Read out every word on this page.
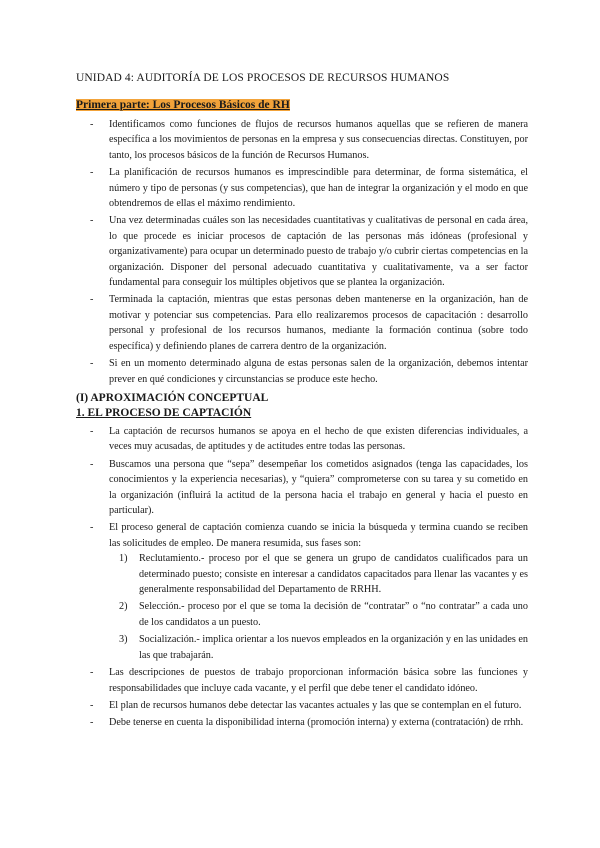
UNIDAD 4: AUDITORÍA DE LOS PROCESOS DE RECURSOS HUMANOS
Primera parte: Los Procesos Básicos de RH
- Identificamos como funciones de flujos de recursos humanos aquellas que se refieren de manera específica a los movimientos de personas en la empresa y sus consecuencias directas. Constituyen, por tanto, los procesos básicos de la función de Recursos Humanos.
- La planificación de recursos humanos es imprescindible para determinar, de forma sistemática, el número y tipo de personas (y sus competencias), que han de integrar la organización y el modo en que obtendremos de ellas el máximo rendimiento.
- Una vez determinadas cuáles son las necesidades cuantitativas y cualitativas de personal en cada área, lo que procede es iniciar procesos de captación de las personas más idóneas (profesional y organizativamente) para ocupar un determinado puesto de trabajo y/o cubrir ciertas competencias en la organización. Disponer del personal adecuado cuantitativa y cualitativamente, va a ser factor fundamental para conseguir los múltiples objetivos que se plantea la organización.
- Terminada la captación, mientras que estas personas deben mantenerse en la organización, han de motivar y potenciar sus competencias. Para ello realizaremos procesos de capacitación : desarrollo personal y profesional de los recursos humanos, mediante la formación continua (sobre todo específica) y definiendo planes de carrera dentro de la organización.
- Si en un momento determinado alguna de estas personas salen de la organización, debemos intentar prever en qué condiciones y circunstancias se produce este hecho.
(I) APROXIMACIÓN CONCEPTUAL
1. EL PROCESO DE CAPTACIÓN
- La captación de recursos humanos se apoya en el hecho de que existen diferencias individuales, a veces muy acusadas, de aptitudes y de actitudes entre todas las personas.
- Buscamos una persona que “sepa” desempeñar los cometidos asignados (tenga las capacidades, los conocimientos y la experiencia necesarias), y “quiera” comprometerse con su tarea y su cometido en la organización (influirá la actitud de la persona hacia el trabajo en general y hacia el puesto en particular).
- El proceso general de captación comienza cuando se inicia la búsqueda y termina cuando se reciben las solicitudes de empleo. De manera resumida, sus fases son:
1) Reclutamiento.- proceso por el que se genera un grupo de candidatos cualificados para un determinado puesto; consiste en interesar a candidatos capacitados para llenar las vacantes y es generalmente responsabilidad del Departamento de RRHH.
2) Selección.- proceso por el que se toma la decisión de “contratar” o “no contratar” a cada uno de los candidatos a un puesto.
3) Socialización.- implica orientar a los nuevos empleados en la organización y en las unidades en las que trabajarán.
- Las descripciones de puestos de trabajo proporcionan información básica sobre las funciones y responsabilidades que incluye cada vacante, y el perfil que debe tener el candidato idóneo.
- El plan de recursos humanos debe detectar las vacantes actuales y las que se contemplan en el futuro.
- Debe tenerse en cuenta la disponibilidad interna (promoción interna) y externa (contratación) de rrhh.
